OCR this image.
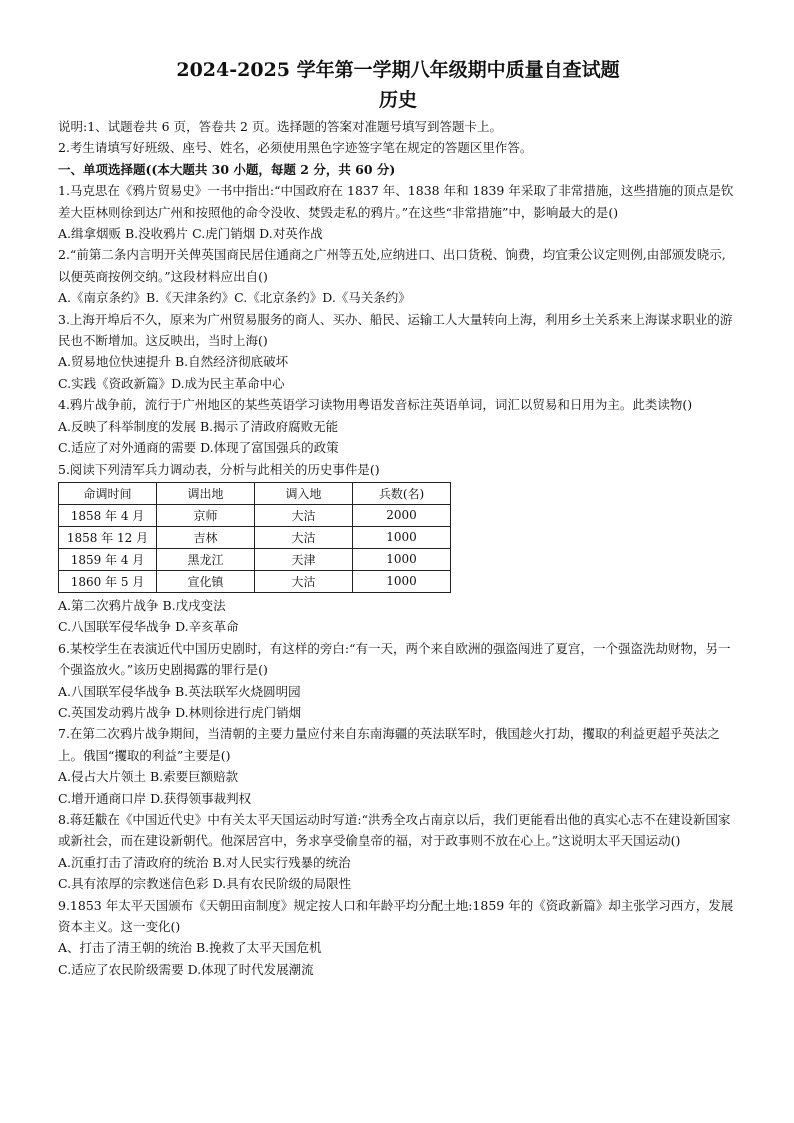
2024-2025 学年第一学期八年级期中质量自查试题

历史

说明:1、试题卷共 6 页，答卷共 2 页。选择题的答案对准题号填写到答题卡上。

2.考生请填写好班级、座号、姓名，必须使用黑色字迹签字笔在规定的答题区里作答。

一、单项选择题((本大题共 30 小题，每题 2 分，共 60 分)

1.马克思在《鸦片贸易史》一书中指出:“中国政府在 1837 年、1838 年和 1839 年采取了非常措施，这些措施的顶点是钦差大臣林则徐到达广州和按照他的命令没收、焚毁走私的鸦片。”在这些“非常措施”中，影响最大的是()

A.缉拿烟贩 B.没收鸦片 C.虎门销烟 D.对英作战

2.“前第二条内言明开关俾英国商民居住通商之广州等五处,应纳进口、出口货税、饷费，均宜秉公议定则例,由部颁发晓示,以便英商按例交纳。”这段材料应出自()

A.《南京条约》B.《天津条约》C.《北京条约》D.《马关条约》

3.上海开埠后不久，原来为广州贸易服务的商人、买办、船民、运输工人大量转向上海，利用乡土关系来上海谋求职业的游民也不断增加。这反映出，当时上海()

A.贸易地位快速提升 B.自然经济彻底破坏

C.实践《资政新篇》D.成为民主革命中心

4.鸦片战争前，流行于广州地区的某些英语学习读物用粤语发音标注英语单词，词汇以贸易和日用为主。此类读物()

A.反映了科举制度的发展 B.揭示了清政府腐败无能

C.适应了对外通商的需要 D.体现了富国强兵的政策

5.阅读下列清军兵力调动表，分析与此相关的历史事件是()

命调时间	调出地	调入地	兵数(名)
1858 年 4 月	京师	大沽	2000
1858 年 12 月	吉林	大沽	1000
1859 年 4 月	黑龙江	天津	1000
1860 年 5 月	宣化镇	大沽	1000

A.第二次鸦片战争 B.戊戌变法

C.八国联军侵华战争 D.辛亥革命

6.某校学生在表演近代中国历史剧时，有这样的旁白:“有一天，两个来自欧洲的强盗闯进了夏宫，一个强盗洗劫财物，另一个强盗放火。”该历史剧揭露的罪行是()

A.八国联军侵华战争 B.英法联军火烧圆明园

C.英国发动鸦片战争 D.林则徐进行虎门销烟

7.在第二次鸦片战争期间，当清朝的主要力量应付来自东南海疆的英法联军时，俄国趁火打劫，攫取的利益更超乎英法之上。俄国“攫取的利益”主要是()

A.侵占大片领土 B.索要巨额赔款

C.增开通商口岸 D.获得领事裁判权

8.蒋廷黻在《中国近代史》中有关太平天国运动时写道:“洪秀全攻占南京以后，我们更能看出他的真实心志不在建设新国家或新社会，而在建设新朝代。他深居宫中，务求享受偷皇帝的福，对于政事则不放在心上。”这说明太平天国运动()

A.沉重打击了清政府的统治 B.对人民实行残暴的统治

C.具有浓厚的宗教迷信色彩 D.具有农民阶级的局限性

9.1853 年太平天国颁布《天朝田亩制度》规定按人口和年龄平均分配土地:1859 年的《资政新篇》却主张学习西方，发展资本主义。这一变化()

A、打击了清王朝的统治 B.挽救了太平天国危机

C.适应了农民阶级需要 D.体现了时代发展潮流
